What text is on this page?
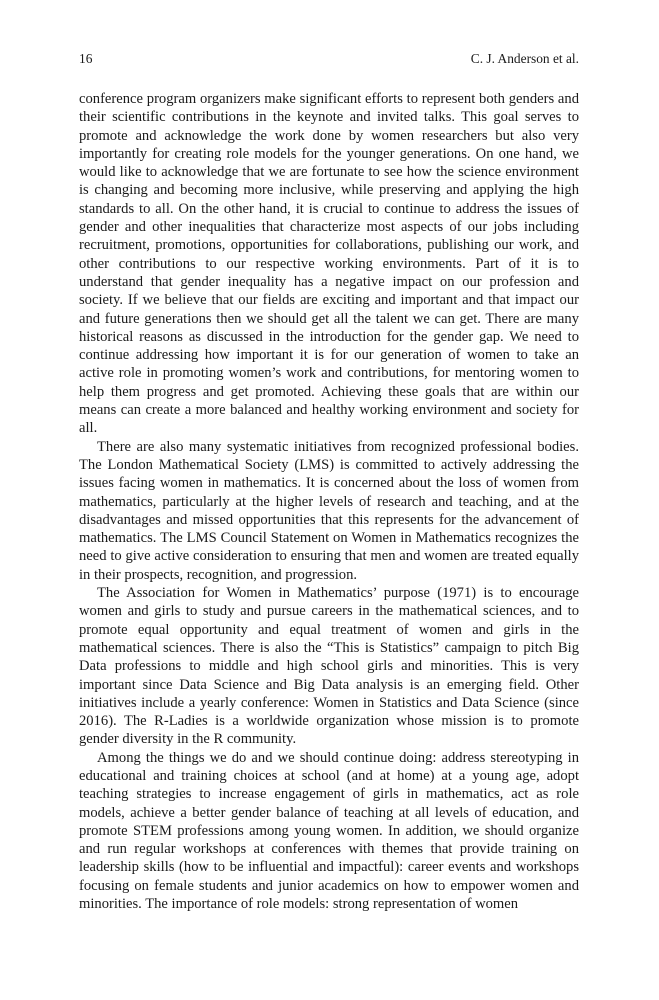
16	C. J. Anderson et al.

conference program organizers make significant efforts to represent both genders and their scientific contributions in the keynote and invited talks. This goal serves to promote and acknowledge the work done by women researchers but also very importantly for creating role models for the younger generations. On one hand, we would like to acknowledge that we are fortunate to see how the science environment is changing and becoming more inclusive, while preserving and applying the high standards to all. On the other hand, it is crucial to continue to address the issues of gender and other inequalities that characterize most aspects of our jobs including recruitment, promotions, opportunities for collaborations, publishing our work, and other contributions to our respective working environments. Part of it is to understand that gender inequality has a negative impact on our profession and society. If we believe that our fields are exciting and important and that impact our and future generations then we should get all the talent we can get. There are many historical reasons as discussed in the introduction for the gender gap. We need to continue addressing how important it is for our generation of women to take an active role in promoting women’s work and contributions, for mentoring women to help them progress and get promoted. Achieving these goals that are within our means can create a more balanced and healthy working environment and society for all.

There are also many systematic initiatives from recognized professional bodies. The London Mathematical Society (LMS) is committed to actively addressing the issues facing women in mathematics. It is concerned about the loss of women from mathematics, particularly at the higher levels of research and teaching, and at the disadvantages and missed opportunities that this represents for the advancement of mathematics. The LMS Council Statement on Women in Mathematics recognizes the need to give active consideration to ensuring that men and women are treated equally in their prospects, recognition, and progression.

The Association for Women in Mathematics’ purpose (1971) is to encourage women and girls to study and pursue careers in the mathematical sciences, and to promote equal opportunity and equal treatment of women and girls in the mathematical sciences. There is also the “This is Statistics” campaign to pitch Big Data professions to middle and high school girls and minorities. This is very important since Data Science and Big Data analysis is an emerging field. Other initiatives include a yearly conference: Women in Statistics and Data Science (since 2016). The R-Ladies is a worldwide organization whose mission is to promote gender diversity in the R community.

Among the things we do and we should continue doing: address stereotyping in educational and training choices at school (and at home) at a young age, adopt teaching strategies to increase engagement of girls in mathematics, act as role models, achieve a better gender balance of teaching at all levels of education, and promote STEM professions among young women. In addition, we should organize and run regular workshops at conferences with themes that provide training on leadership skills (how to be influential and impactful): career events and workshops focusing on female students and junior academics on how to empower women and minorities. The importance of role models: strong representation of women
